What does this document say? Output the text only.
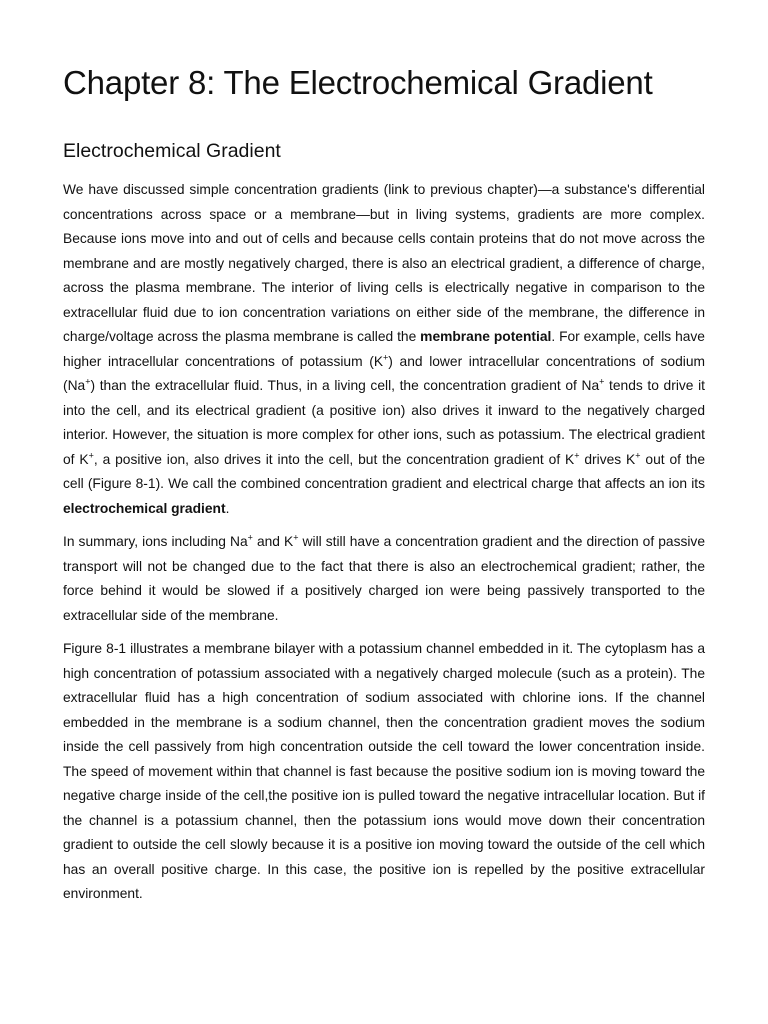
Chapter 8: The Electrochemical Gradient
Electrochemical Gradient

We have discussed simple concentration gradients (link to previous chapter)—a substance's differential concentrations across space or a membrane—but in living systems, gradients are more complex. Because ions move into and out of cells and because cells contain proteins that do not move across the membrane and are mostly negatively charged, there is also an electrical gradient, a difference of charge, across the plasma membrane. The interior of living cells is electrically negative in comparison to the extracellular fluid due to ion concentration variations on either side of the membrane, the difference in charge/voltage across the plasma membrane is called the membrane potential. For example, cells have higher intracellular concentrations of potassium (K+) and lower intracellular concentrations of sodium (Na+) than the extracellular fluid. Thus, in a living cell, the concentration gradient of Na+ tends to drive it into the cell, and its electrical gradient (a positive ion) also drives it inward to the negatively charged interior. However, the situation is more complex for other ions, such as potassium. The electrical gradient of K+, a positive ion, also drives it into the cell, but the concentration gradient of K+ drives K+ out of the cell (Figure 8-1). We call the combined concentration gradient and electrical charge that affects an ion its electrochemical gradient.

In summary, ions including Na+ and K+ will still have a concentration gradient and the direction of passive transport will not be changed due to the fact that there is also an electrochemical gradient; rather, the force behind it would be slowed if a positively charged ion were being passively transported to the extracellular side of the membrane.

Figure 8-1 illustrates a membrane bilayer with a potassium channel embedded in it. The cytoplasm has a high concentration of potassium associated with a negatively charged molecule (such as a protein). The extracellular fluid has a high concentration of sodium associated with chlorine ions. If the channel embedded in the membrane is a sodium channel, then the concentration gradient moves the sodium inside the cell passively from high concentration outside the cell toward the lower concentration inside. The speed of movement within that channel is fast because the positive sodium ion is moving toward the negative charge inside of the cell,the positive ion is pulled toward the negative intracellular location. But if the channel is a potassium channel, then the potassium ions would move down their concentration gradient to outside the cell slowly because it is a positive ion moving toward the outside of the cell which has an overall positive charge. In this case, the positive ion is repelled by the positive extracellular environment.
